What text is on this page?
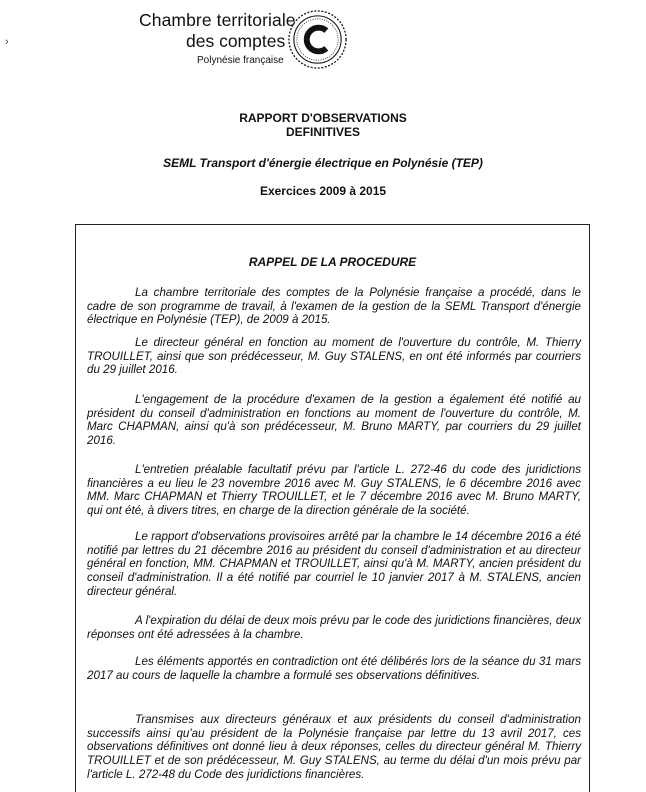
›
Chambre territoriale
des comptes
Polynésie française
RAPPORT D'OBSERVATIONS
DEFINITIVES
SEML Transport d'énergie électrique en Polynésie (TEP)
Exercices 2009 à 2015
RAPPEL DE LA PROCEDURE
La chambre territoriale des comptes de la Polynésie française a procédé, dans le cadre de son programme de travail, à l'examen de la gestion de la SEML Transport d'énergie électrique en Polynésie (TEP), de 2009 à 2015.
Le directeur général en fonction au moment de l'ouverture du contrôle, M. Thierry TROUILLET, ainsi que son prédécesseur, M. Guy STALENS, en ont été informés par courriers du 29 juillet 2016.
L'engagement de la procédure d'examen de la gestion a également été notifié au président du conseil d'administration en fonctions au moment de l'ouverture du contrôle, M. Marc CHAPMAN, ainsi qu'à son prédécesseur, M. Bruno MARTY, par courriers du 29 juillet 2016.
L'entretien préalable facultatif prévu par l'article L. 272-46 du code des juridictions financières a eu lieu le 23 novembre 2016 avec M. Guy STALENS, le 6 décembre 2016 avec MM. Marc CHAPMAN et Thierry TROUILLET, et le 7 décembre 2016 avec M. Bruno MARTY, qui ont été, à divers titres, en charge de la direction générale de la société.
Le rapport d'observations provisoires arrêté par la chambre le 14 décembre 2016 a été notifié par lettres du 21 décembre 2016 au président du conseil d'administration et au directeur général en fonction, MM. CHAPMAN et TROUILLET, ainsi qu'à M. MARTY, ancien président du conseil d'administration. Il a été notifié par courriel le 10 janvier 2017 à M. STALENS, ancien directeur général.
A l'expiration du délai de deux mois prévu par le code des juridictions financières, deux réponses ont été adressées à la chambre.
Les éléments apportés en contradiction ont été délibérés lors de la séance du 31 mars 2017 au cours de laquelle la chambre a formulé ses observations définitives.
Transmises aux directeurs généraux et aux présidents du conseil d'administration successifs ainsi qu'au président de la Polynésie française par lettre du 13 avril 2017, ces observations définitives ont donné lieu à deux réponses, celles du directeur général M. Thierry TROUILLET et de son prédécesseur, M. Guy STALENS, au terme du délai d'un mois prévu par l'article L. 272-48 du Code des juridictions financières.
